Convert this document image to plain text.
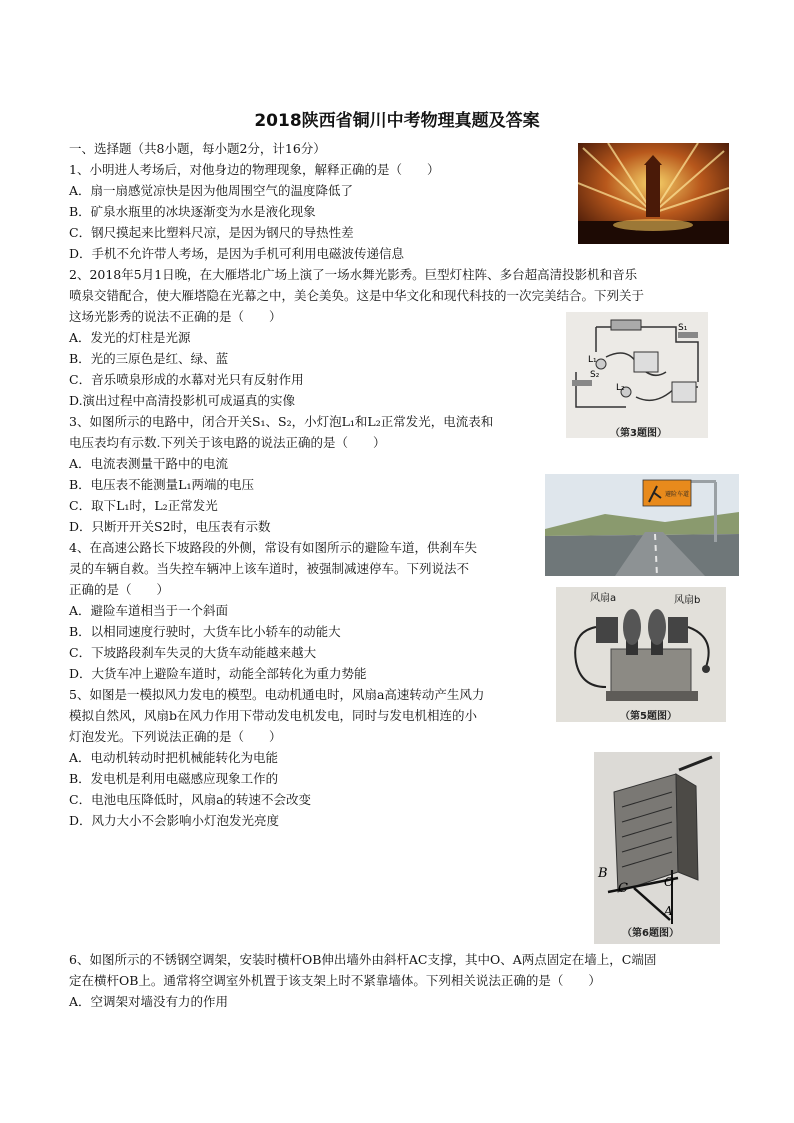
2018陕西省铜川中考物理真题及答案
一、选择题（共8小题，每小题2分，计16分）
1、小明进人考场后，对他身边的物理现象，解释正确的是（　　）
A．扇一扇感觉凉快是因为他周围空气的温度降低了
B．矿泉水瓶里的冰块逐渐变为水是液化现象
C．钢尺摸起来比塑料尺凉，是因为钢尺的导热性差
D．手机不允许带人考场，是因为手机可利用电磁波传递信息
2、2018年5月1日晚，在大雁塔北广场上演了一场水舞光影秀。巨型灯柱阵、多台超高清投影机和音乐
喷泉交错配合，使大雁塔隐在光幕之中，美仑美奂。这是中华文化和现代科技的一次完美结合。下列关于
这场光影秀的说法不正确的是（　　）
A．发光的灯柱是光源
B．光的三原色是红、绿、蓝
C．音乐喷泉形成的水幕对光只有反射作用
D.演出过程中高清投影机可成逼真的实像
3、如图所示的电路中，闭合开关S₁、S₂，小灯泡L₁和L₂正常发光，电流表和
电压表均有示数.下列关于该电路的说法正确的是（　　）
A．电流表测量干路中的电流
B．电压表不能测量L₁两端的电压
C．取下L₁时，L₂正常发光
D．只断开开关S2时，电压表有示数
4、在高速公路长下坡路段的外侧，常设有如图所示的避险车道，供刹车失
灵的车辆自救。当失控车辆冲上该车道时，被强制减速停车。下列说法不
正确的是（　　）
A．避险车道相当于一个斜面
B．以相同速度行驶时，大货车比小轿车的动能大
C．下坡路段刹车失灵的大货车动能越来越大
D．大货车冲上避险车道时，动能全部转化为重力势能
5、如图是一模拟风力发电的模型。电动机通电时，风扇a高速转动产生风力
模拟自然风，风扇b在风力作用下带动发电机发电，同时与发电机相连的小
灯泡发光。下列说法正确的是（　　）
A．电动机转动时把机械能转化为电能
B．发电机是利用电磁感应现象工作的
C．电池电压降低时，风扇a的转速不会改变
D．风力大小不会影响小灯泡发光亮度
6、如图所示的不锈钢空调架，安装时横杆OB伸出墙外由斜杆AC支撑，其中O、A两点固定在墙上，C端固
定在横杆OB上。通常将空调室外机置于该支架上时不紧靠墙体。下列相关说法正确的是（　　）
A．空调架对墙没有力的作用
S₁
L₁
S₂
L₂
（第3题图）
避险车道
风扇a	风扇b
（第5题图）
B
C	O
A
（第6题图）
